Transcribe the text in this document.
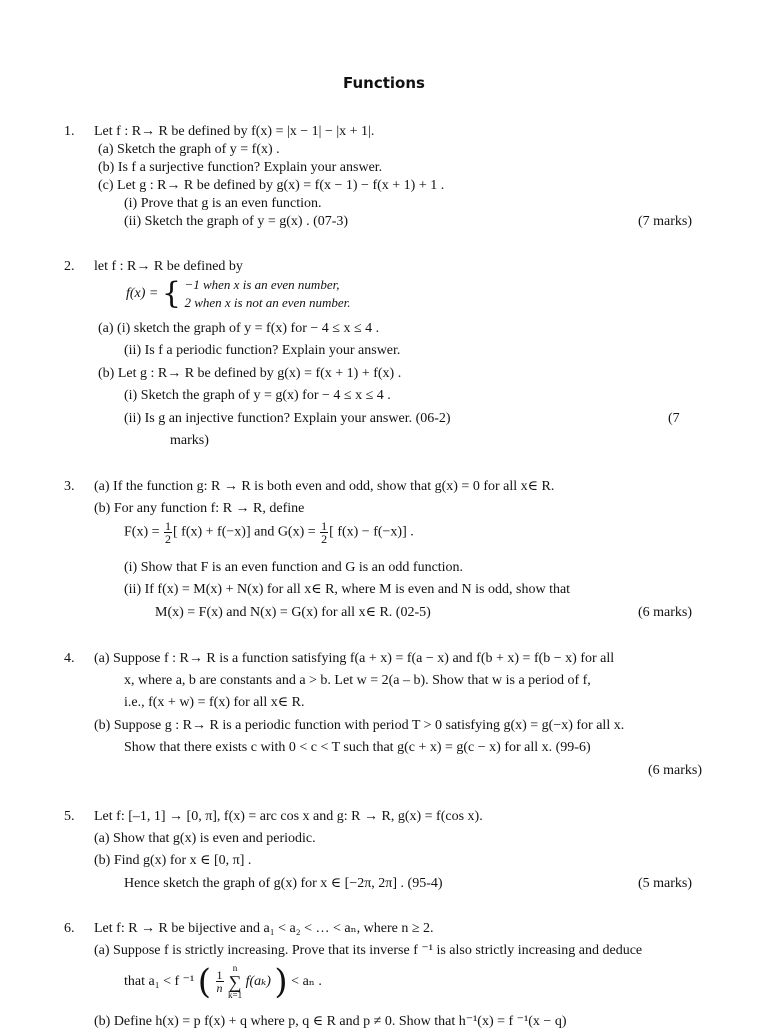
Functions
1. Let f : R→ R be defined by f(x) = |x − 1| − |x + 1|.
(a) Sketch the graph of y = f(x) .
(b) Is f a surjective function? Explain your answer.
(c) Let g : R→ R be defined by g(x) = f(x − 1) − f(x + 1) + 1 .
(i) Prove that g is an even function.
(ii) Sketch the graph of y = g(x) . (07-3)	(7 marks)
2. let f : R→ R be defined by
f(x) = { −1 when x is an even number,
2 when x is not an even number.
(a) (i) sketch the graph of y = f(x) for − 4 ≤ x ≤ 4 .
(ii) Is f a periodic function? Explain your answer.
(b) Let g : R→ R be defined by g(x) = f(x + 1) + f(x) .
(i) Sketch the graph of y = g(x) for − 4 ≤ x ≤ 4 .
(ii) Is g an injective function? Explain your answer. (06-2)	(7
marks)
3. (a) If the function g: R → R is both even and odd, show that g(x) = 0 for all x∈ R.
(b) For any function f: R → R, define
$F(x) = \frac{1}{2}$ [ f(x) + f(−x)] and $G(x) = \frac{1}{2}$ [ f(x) − f(−x)] .
(i) Show that F is an even function and G is an odd function.
(ii) If f(x) = M(x) + N(x) for all x∈ R, where M is even and N is odd, show that
M(x) = F(x) and N(x) = G(x) for all x∈ R. (02-5)	(6 marks)
4. (a) Suppose f : R→ R is a function satisfying f(a + x) = f(a − x) and f(b + x) = f(b − x) for all
x, where a, b are constants and a > b. Let w = 2(a – b). Show that w is a period of f,
i.e., f(x + w) = f(x) for all x∈ R.
(b) Suppose g : R→ R is a periodic function with period T > 0 satisfying g(x) = g(−x) for all x.
Show that there exists c with 0 < c < T such that g(c + x) = g(c − x) for all x. (99-6)
(6 marks)
5. Let f: [–1, 1] → [0, π], f(x) = arc cos x and g: R → R, g(x) = f(cos x).
(a) Show that g(x) is even and periodic.
(b) Find g(x) for x ∈ [0, π] .
Hence sketch the graph of g(x) for x ∈ [−2π, 2π] . (95-4)	(5 marks)
6. Let f: R → R be bijective and a₁ < a₂ < … < aₙ, where n ≥ 2.
(a) Suppose f is strictly increasing. Prove that its inverse f ⁻¹ is also strictly increasing and deduce
that a₁ < f ⁻¹ ( $\frac{1}{n}$

n
∑
k=1
f(aₖ) ) < aₙ .
(b) Define h(x) = p f(x) + q where p, q ∈ R and p ≠ 0. Show that h⁻¹(x) = f ⁻¹(x − q)
